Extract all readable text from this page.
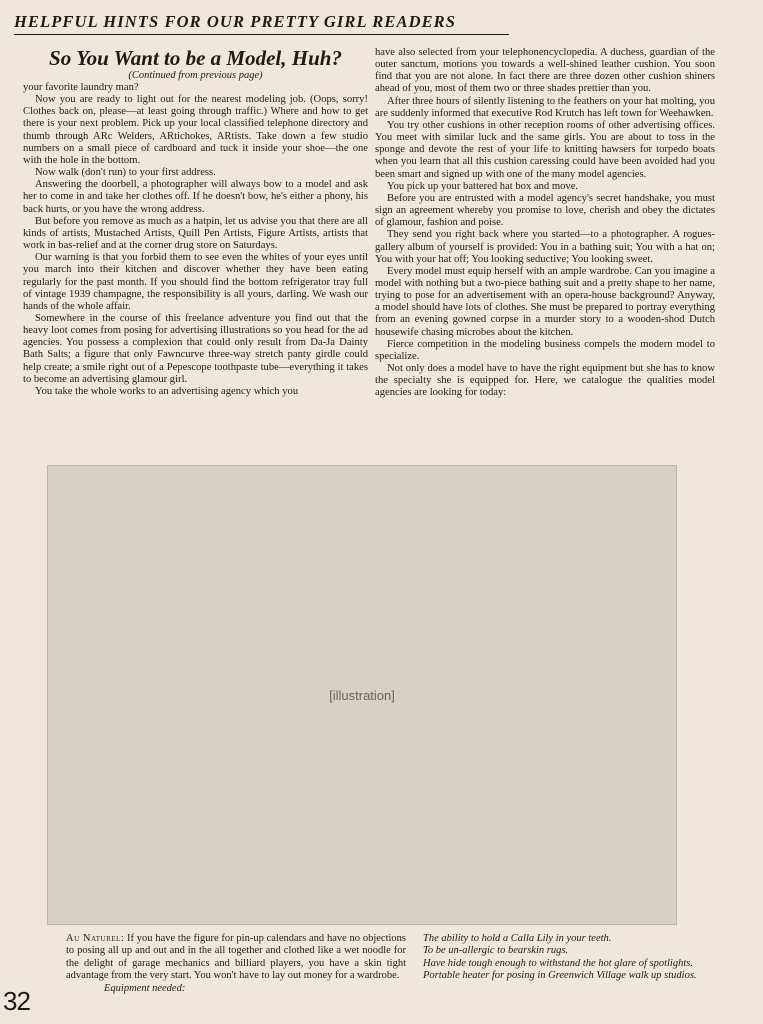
HELPFUL HINTS FOR OUR PRETTY GIRL READERS
So You Want to be a Model, Huh?
(Continued from previous page)

your favorite laundry man?

Now you are ready to light out for the nearest modeling job. (Oops, sorry! Clothes back on, please—at least going through traffic.) Where and how to get there is your next problem. Pick up your local classified telephone directory and thumb through ARc Welders, ARtichokes, ARtists. Take down a few studio numbers on a small piece of cardboard and tuck it inside your shoe—the one with the hole in the bottom.

Now walk (don't run) to your first address.

Answering the doorbell, a photographer will always bow to a model and ask her to come in and take her clothes off. If he doesn't bow, he's either a phony, his back hurts, or you have the wrong address.

But before you remove as much as a hatpin, let us advise you that there are all kinds of artists, Mustached Artists, Quill Pen Artists, Figure Artists, artists that work in bas-relief and at the corner drug store on Saturdays.

Our warning is that you forbid them to see even the whites of your eyes until you march into their kitchen and discover whether they have been eating regularly for the past month. If you should find the bottom refrigerator tray full of vintage 1939 champagne, the responsibility is all yours, darling. We wash our hands of the whole affair.

Somewhere in the course of this freelance adventure you find out that the heavy loot comes from posing for advertising illustrations so you head for the ad agencies. You possess a complexion that could only result from Da-Ja Dainty Bath Salts; a figure that only Fawncurve three-way stretch panty girdle could help create; a smile right out of a Pepescope toothpaste tube—everything it takes to become an advertising glamour girl.

You take the whole works to an advertising agency which you

have also selected from your telephonencyclopedia. A duchess, guardian of the outer sanctum, motions you towards a well-shined leather cushion. You soon find that you are not alone. In fact there are three dozen other cushion shiners ahead of you, most of them two or three shades prettier than you.

After three hours of silently listening to the feathers on your hat molting, you are suddenly informed that executive Rod Krutch has left town for Weehawken.

You try other cushions in other reception rooms of other advertising offices. You meet with similar luck and the same girls. You are about to toss in the sponge and devote the rest of your life to knitting hawsers for torpedo boats when you learn that all this cushion caressing could have been avoided had you been smart and signed up with one of the many model agencies.

You pick up your battered hat box and move.

Before you are entrusted with a model agency's secret handshake, you must sign an agreement whereby you promise to love, cherish and obey the dictates of glamour, fashion and poise.

They send you right back where you started—to a photographer. A rogues-gallery album of yourself is provided: You in a bathing suit; You with a hat on; You with your hat off; You looking seductive; You looking sweet.

Every model must equip herself with an ample wardrobe. Can you imagine a model with nothing but a two-piece bathing suit and a pretty shape to her name, trying to pose for an advertisement with an opera-house background? Anyway, a model should have lots of clothes. She must be prepared to portray everything from an evening gowned corpse in a murder story to a wooden-shod Dutch housewife chasing microbes about the kitchen.

Fierce competition in the modeling business compels the modern model to specialize.

Not only does a model have to have the right equipment but she has to know the specialty she is equipped for. Here, we catalogue the qualities model agencies are looking for today:

[illustration]
Au Naturel: If you have the figure for pin-up calendars and have no objections to posing all up and out and in the all together and clothed like a wet noodle for the delight of garage mechanics and billiard players, you have a skin tight advantage from the very start. You won't have to lay out money for a wardrobe.
Equipment needed:
The ability to hold a Calla Lily in your teeth.
To be un-allergic to bearskin rugs.
Have hide tough enough to withstand the hot glare of spotlights.
Portable heater for posing in Greenwich Village walk up studios.
32
